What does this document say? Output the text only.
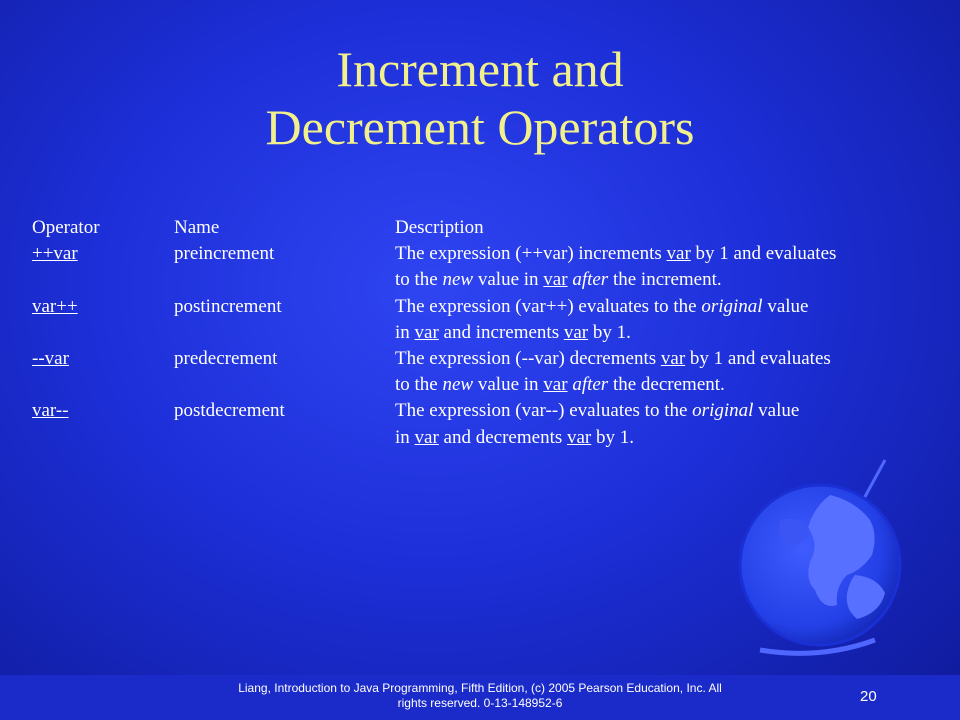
Increment and
Decrement Operators
Operator	Name	Description
++var	preincrement	The expression (++var) increments var by 1 and evaluates
to the new value in var after the increment.
var++	postincrement	The expression (var++) evaluates to the original value
in var and increments var by 1.
--var	predecrement	The expression (--var) decrements var by 1 and evaluates
to the new value in var after the decrement.
var--	postdecrement	The expression (var--) evaluates to the original value
in var and decrements var by 1.
Liang, Introduction to Java Programming, Fifth Edition, (c) 2005 Pearson Education, Inc. All
rights reserved. 0-13-148952-6	20
